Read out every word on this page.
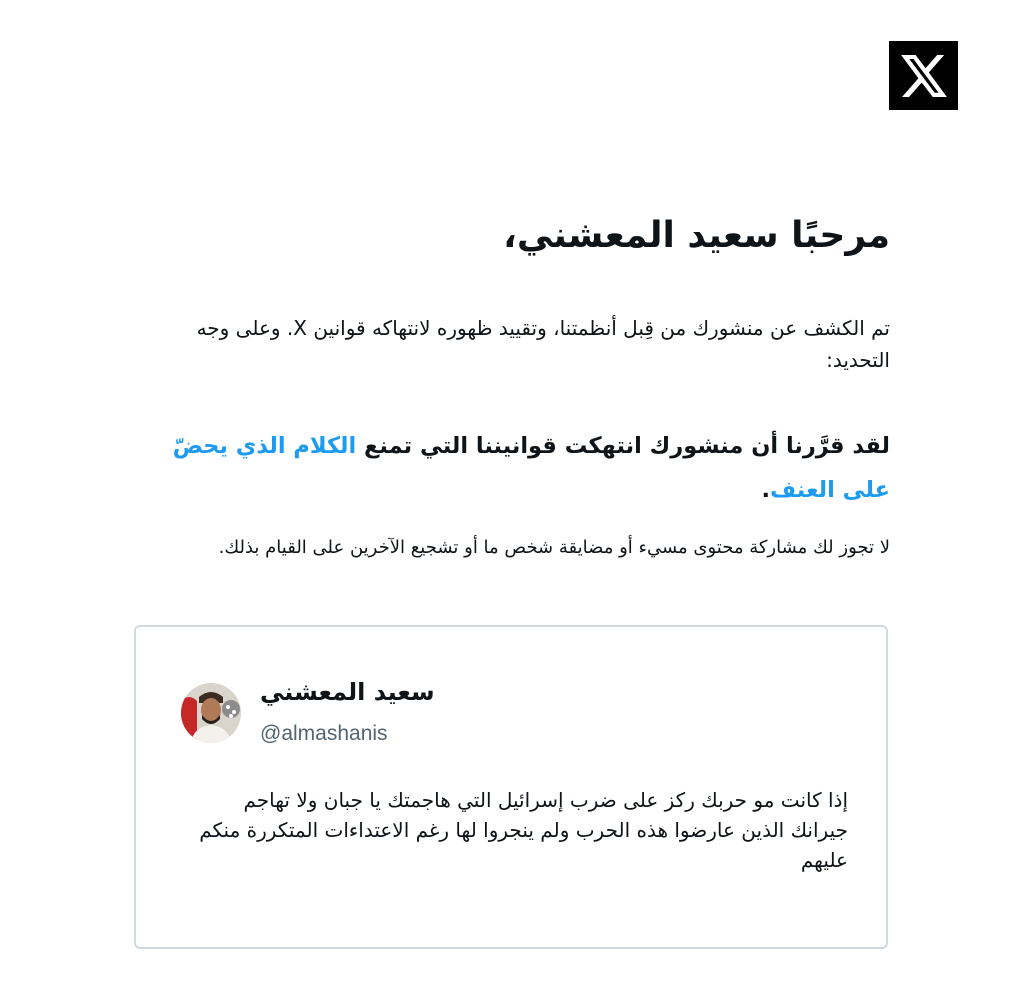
مرحبًا سعيد المعشني،

تم الكشف عن منشورك من قِبل أنظمتنا، وتقييد ظهوره لانتهاكه قوانين X. وعلى وجه التحديد:

لقد قرَّرنا أن منشورك انتهكت قوانيننا التي تمنع الكلام الذي يحضّ على العنف.

لا تجوز لك مشاركة محتوى مسيء أو مضايقة شخص ما أو تشجيع الآخرين على القيام بذلك.

سعيد المعشني
@almashanis

إذا كانت مو حربك ركز على ضرب إسرائيل التي هاجمتك يا جبان ولا تهاجم جيرانك الذين عارضوا هذه الحرب ولم ينجروا لها رغم الاعتداءات المتكررة منكم عليهم
